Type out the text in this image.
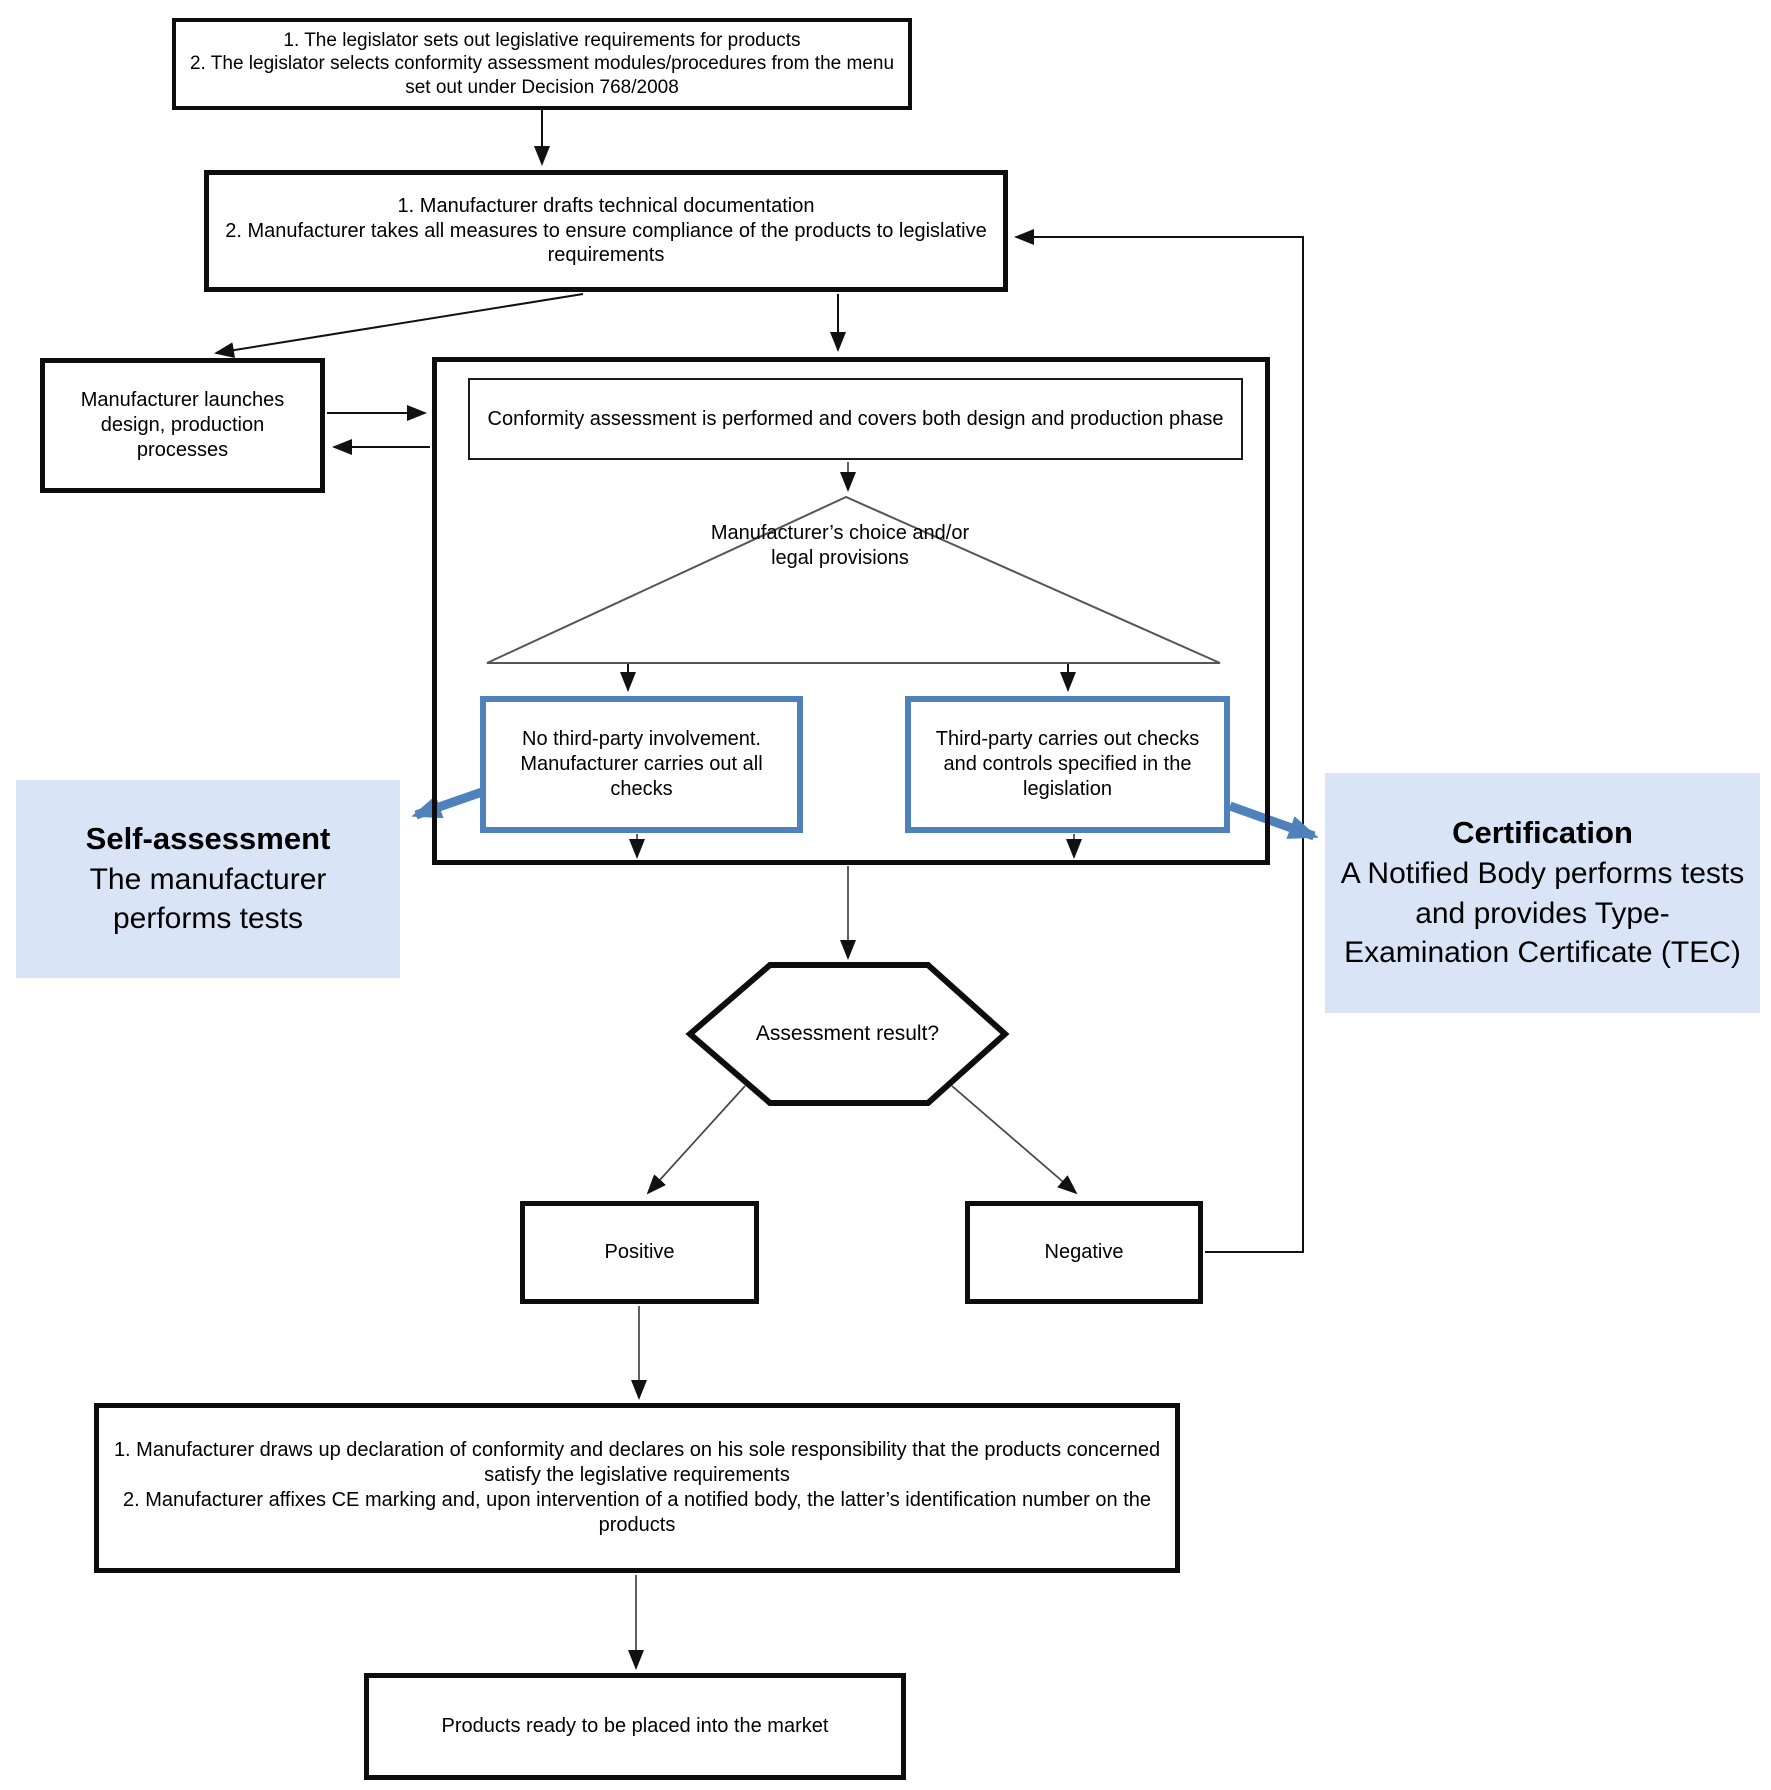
1. The legislator sets out legislative requirements for products
2. The legislator selects conformity assessment modules/procedures from the menu set out under Decision 768/2008
1. Manufacturer drafts technical documentation
2. Manufacturer takes all measures to ensure compliance of the products to legislative requirements
Manufacturer launches design, production processes
Conformity assessment is performed and covers both design and production phase
Manufacturer’s choice and/or legal provisions
No third-party involvement. Manufacturer carries out all checks
Third-party carries out checks and controls specified in the legislation
Self-assessment
The manufacturer performs tests
Certification
A Notified Body performs tests and provides Type-Examination Certificate (TEC)
Assessment result?
Positive	Negative
1. Manufacturer draws up declaration of conformity and declares on his sole responsibility that the products concerned satisfy the legislative requirements
2. Manufacturer affixes CE marking and, upon intervention of a notified body, the latter’s identification number on the products
Products ready to be placed into the market
